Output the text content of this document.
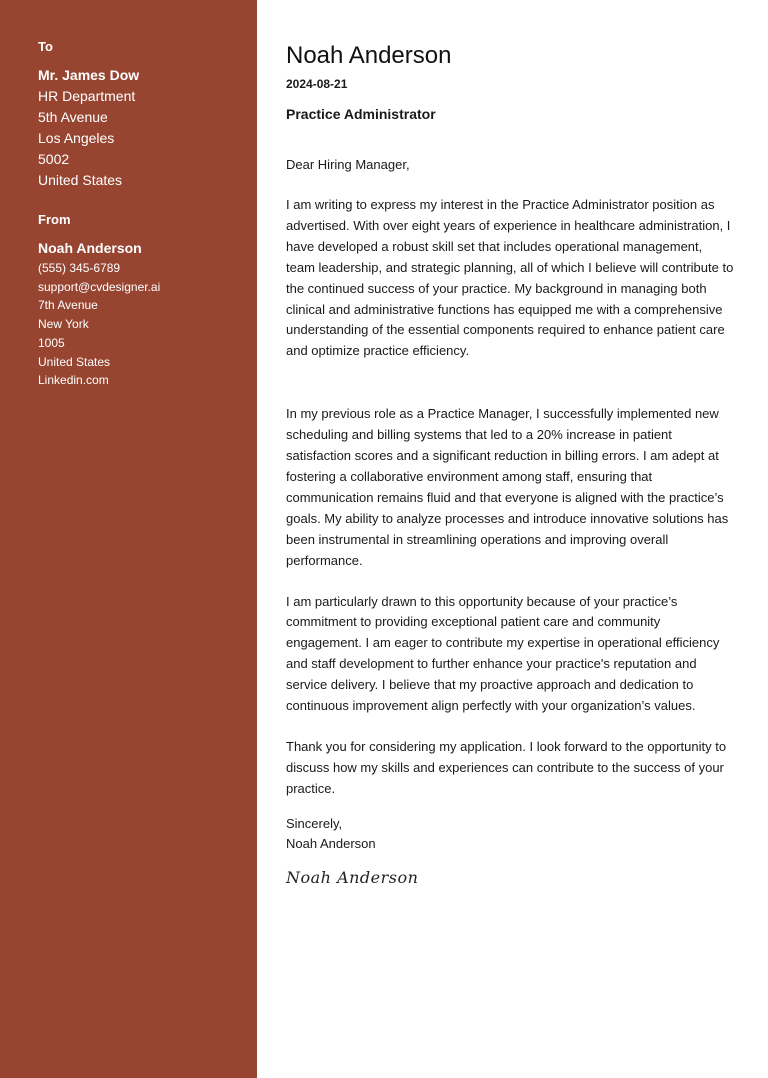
To
Mr. James Dow
HR Department
5th Avenue
Los Angeles
5002
United States
From
Noah Anderson
(555) 345-6789
support@cvdesigner.ai
7th Avenue
New York
1005
United States
Linkedin.com
Noah Anderson
2024-08-21
Practice Administrator
Dear Hiring Manager,

I am writing to express my interest in the Practice Administrator position as advertised. With over eight years of experience in healthcare administration, I have developed a robust skill set that includes operational management, team leadership, and strategic planning, all of which I believe will contribute to the continued success of your practice. My background in managing both clinical and administrative functions has equipped me with a comprehensive understanding of the essential components required to enhance patient care and optimize practice efficiency.

In my previous role as a Practice Manager, I successfully implemented new scheduling and billing systems that led to a 20% increase in patient satisfaction scores and a significant reduction in billing errors. I am adept at fostering a collaborative environment among staff, ensuring that communication remains fluid and that everyone is aligned with the practice’s goals. My ability to analyze processes and introduce innovative solutions has been instrumental in streamlining operations and improving overall performance.

I am particularly drawn to this opportunity because of your practice’s commitment to providing exceptional patient care and community engagement. I am eager to contribute my expertise in operational efficiency and staff development to further enhance your practice's reputation and service delivery. I believe that my proactive approach and dedication to continuous improvement align perfectly with your organization’s values.

Thank you for considering my application. I look forward to the opportunity to discuss how my skills and experiences can contribute to the success of your practice.

Sincerely,
Noah Anderson
Noah Anderson
